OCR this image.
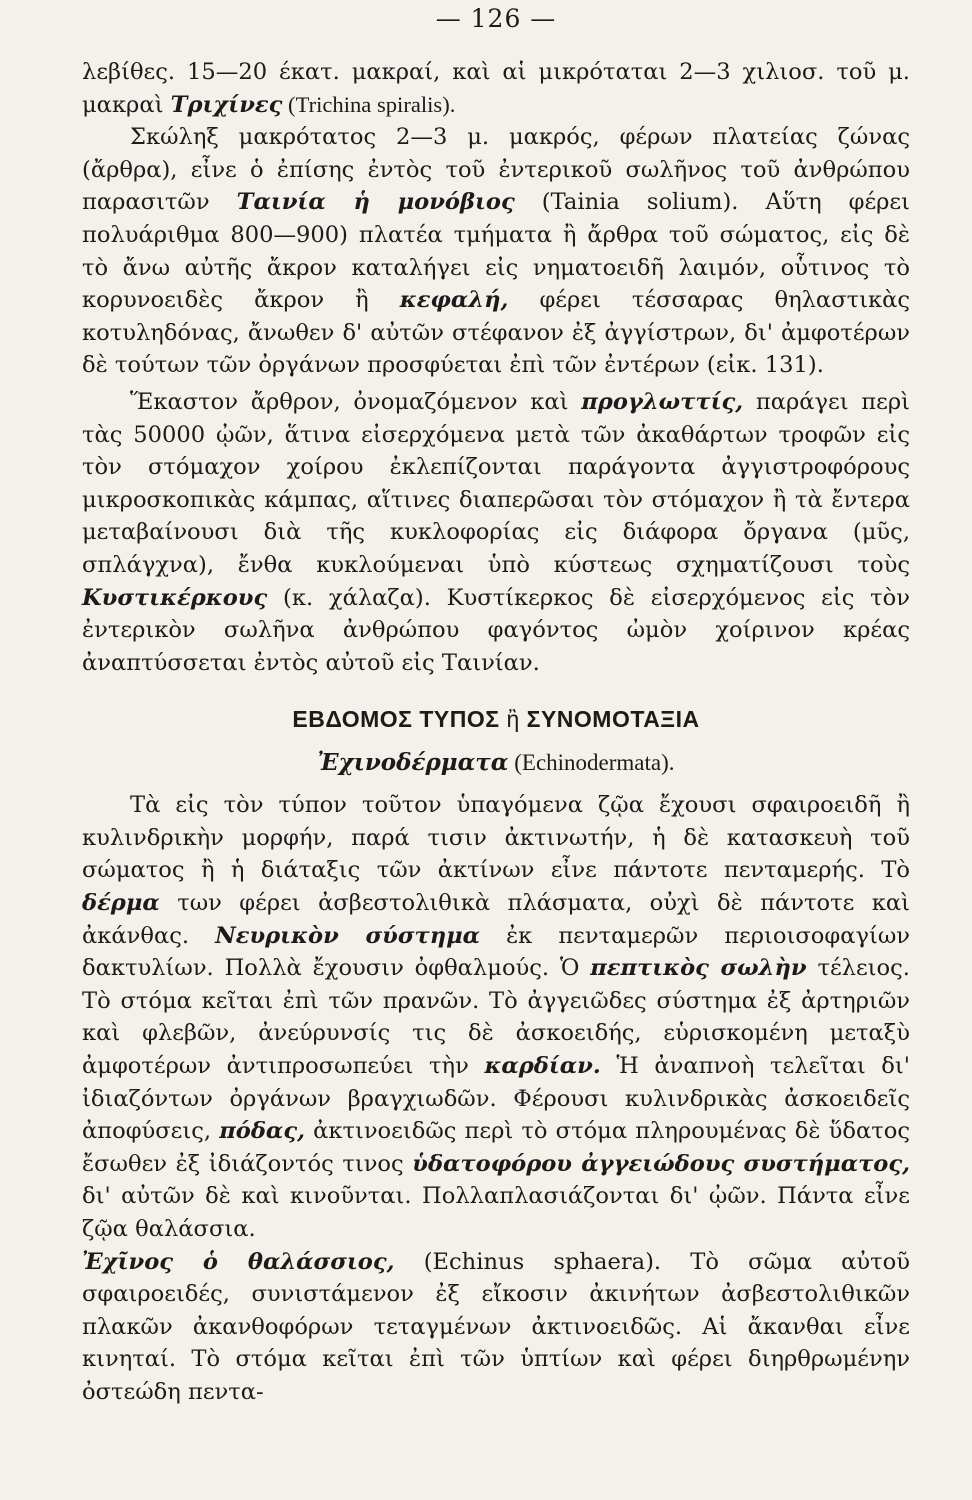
— 126 —

λεβίθες. 15—20 έκατ. μακραί, καὶ αἱ μικρόταται 2—3 χιλιοσ. τοῦ μ. μακραὶ Τριχίνες (Trichina spiralis).

Σκώληξ μακρότατος 2—3 μ. μακρός, φέρων πλατείας ζώνας (ἄρθρα), εἶνε ὁ ἐπίσης ἐντὸς τοῦ ἐντερικοῦ σωλῆνος τοῦ ἀνθρώπου παρασιτῶν Ταινία ἡ μονόβιος (Tainia solium). Αὕτη φέρει πολυάριθμα 800—900) πλατέα τμήματα ἢ ἄρθρα τοῦ σώματος, εἰς δὲ τὸ ἄνω αὐτῆς ἄκρον καταλήγει εἰς νηματοειδῆ λαιμόν, οὗτινος τὸ κορυνοειδὲς ἄκρον ἢ κεφαλή, φέρει τέσσαρας θηλαστικὰς κοτυληδόνας, ἄνωθεν δ' αὐτῶν στέφανον ἐξ ἀγγίστρων, δι' ἀμφοτέρων δὲ τούτων τῶν ὀργάνων προσφύεται ἐπὶ τῶν ἐντέρων (εἰκ. 131).

Ἕκαστον ἄρθρον, ὀνομαζόμενον καὶ προγλωττίς, παράγει περὶ τὰς 50000 ᾠῶν, ἅτινα εἰσερχόμενα μετὰ τῶν ἀκαθάρτων τροφῶν εἰς τὸν στόμαχον χοίρου ἐκλεπίζονται παράγοντα ἀγγιστροφόρους μικροσκοπικὰς κάμπας, αἵτινες διαπερῶσαι τὸν στόμαχον ἢ τὰ ἔντερα μεταβαίνουσι διὰ τῆς κυκλοφορίας εἰς διάφορα ὄργανα (μῦς, σπλάγχνα), ἔνθα κυκλούμεναι ὑπὸ κύστεως σχηματίζουσι τοὺς Κυστικέρκους (κ. χάλαζα). Κυστίκερκος δὲ εἰσερχόμενος εἰς τὸν ἐντερικὸν σωλῆνα ἀνθρώπου φαγόντος ὠμὸν χοίρινον κρέας ἀναπτύσσεται ἐντὸς αὐτοῦ εἰς Ταινίαν.

ΕΒΔΟΜΟΣ ΤΥΠΟΣ ἢ ΣΥΝΟΜΟΤΑΞΙΑ
Ἐχινοδέρματα (Echinodermata).

Τὰ εἰς τὸν τύπον τοῦτον ὑπαγόμενα ζῷα ἔχουσι σφαιροειδῆ ἢ κυλινδρικὴν μορφήν, παρά τισιν ἀκτινωτήν, ἡ δὲ κατασκευὴ τοῦ σώματος ἢ ἡ διάταξις τῶν ἀκτίνων εἶνε πάντοτε πενταμερής. Τὸ δέρμα των φέρει ἀσβεστολιθικὰ πλάσματα, οὐχὶ δὲ πάντοτε καὶ ἀκάνθας. Νευρικὸν σύστημα ἐκ πενταμερῶν περιοισοφαγίων δακτυλίων. Πολλὰ ἔχουσιν ὀφθαλμούς. Ὁ πεπτικὸς σωλὴν τέλειος. Τὸ στόμα κεῖται ἐπὶ τῶν πρανῶν. Τὸ ἀγγειῶδες σύστημα ἐξ ἀρτηριῶν καὶ φλεβῶν, ἀνεύρυνσίς τις δὲ ἀσκοειδής, εὑρισκομένη μεταξὺ ἀμφοτέρων ἀντιπροσωπεύει τὴν καρδίαν. Ἡ ἀναπνοὴ τελεῖται δι' ἰδιαζόντων ὀργάνων βραγχιωδῶν. Φέρουσι κυλινδρικὰς ἀσκοειδεῖς ἀποφύσεις, πόδας, ἀκτινοειδῶς περὶ τὸ στόμα πληρουμένας δὲ ὕδατος ἔσωθεν ἐξ ἰδιάζοντός τινος ὑδατοφόρου ἀγγειώδους συστήματος, δι' αὐτῶν δὲ καὶ κινοῦνται. Πολλαπλασιάζονται δι' ᾠῶν. Πάντα εἶνε ζῷα θαλάσσια.

Ἐχῖνος ὁ θαλάσσιος, (Echinus sphaera). Τὸ σῶμα αὐτοῦ σφαιροειδές, συνιστάμενον ἐξ εἴκοσιν ἀκινήτων ἀσβεστολιθικῶν πλακῶν ἀκανθοφόρων τεταγμένων ἀκτινοειδῶς. Αἱ ἄκανθαι εἶνε κινηταί. Τὸ στόμα κεῖται ἐπὶ τῶν ὑπτίων καὶ φέρει διηρθρωμένην ὀστεώδη πεντα-
